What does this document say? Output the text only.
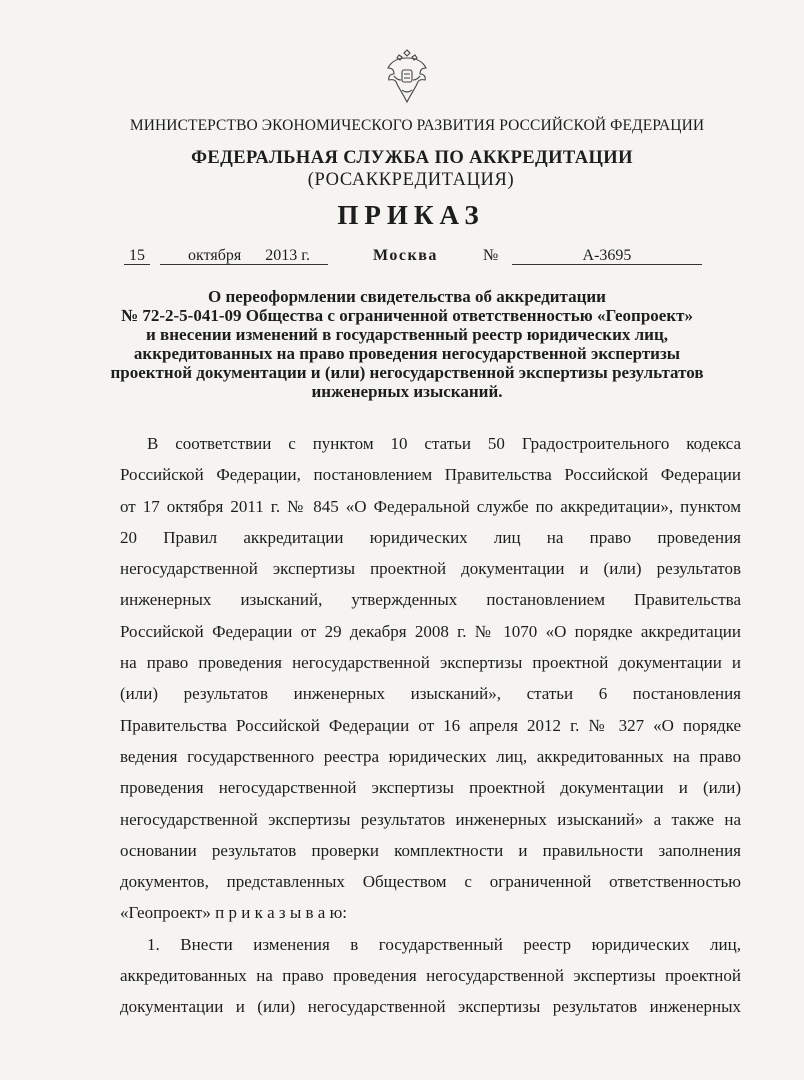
МИНИСТЕРСТВО ЭКОНОМИЧЕСКОГО РАЗВИТИЯ РОССИЙСКОЙ ФЕДЕРАЦИИ
ФЕДЕРАЛЬНАЯ СЛУЖБА ПО АККРЕДИТАЦИИ
(РОСАККРЕДИТАЦИЯ)
ПРИКАЗ
15	октября 2013 г.	Москва	№	А-3695
О переоформлении свидетельства об аккредитации
№ 72-2-5-041-09 Общества с ограниченной ответственностью «Геопроект»
и внесении изменений в государственный реестр юридических лиц,
аккредитованных на право проведения негосударственной экспертизы
проектной документации и (или) негосударственной экспертизы результатов
инженерных изысканий.

В соответствии с пунктом 10 статьи 50 Градостроительного кодекса

Российской Федерации, постановлением Правительства Российской Федерации

от 17 октября 2011 г. № 845 «О Федеральной службе по аккредитации», пунктом

20 Правил аккредитации юридических лиц на право проведения

негосударственной экспертизы проектной документации и (или) результатов

инженерных изысканий, утвержденных постановлением Правительства

Российской Федерации от 29 декабря 2008 г. № 1070 «О порядке аккредитации

на право проведения негосударственной экспертизы проектной документации и

(или) результатов инженерных изысканий», статьи 6 постановления

Правительства Российской Федерации от 16 апреля 2012 г. № 327 «О порядке

ведения государственного реестра юридических лиц, аккредитованных на право

проведения негосударственной экспертизы проектной документации и (или)

негосударственной экспертизы результатов инженерных изысканий» а также на

основании результатов проверки комплектности и правильности заполнения

документов, представленных Обществом с ограниченной ответственностью

«Геопроект» п р и к а з ы в а ю:

1. Внести изменения в государственный реестр юридических лиц,

аккредитованных на право проведения негосударственной экспертизы проектной

документации и (или) негосударственной экспертизы результатов инженерных
